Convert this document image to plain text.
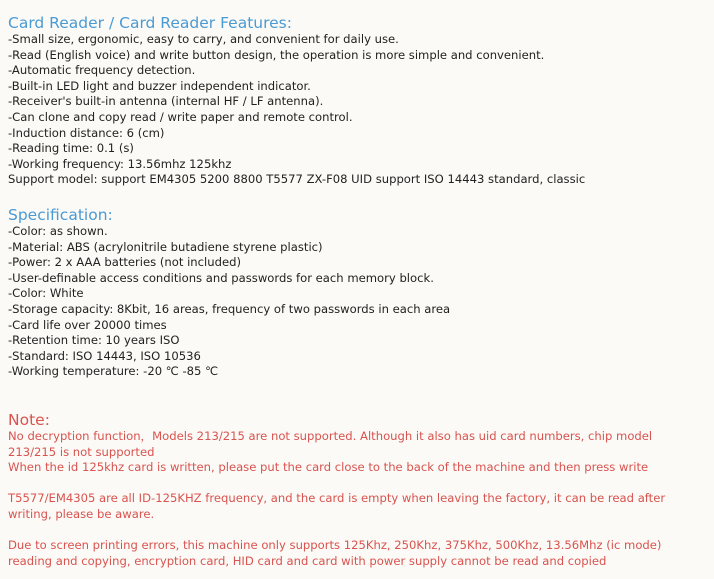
Card Reader / Card Reader Features:
-Small size, ergonomic, easy to carry, and convenient for daily use.
-Read (English voice) and write button design, the operation is more simple and convenient.
-Automatic frequency detection.
-Built-in LED light and buzzer independent indicator.
-Receiver's built-in antenna (internal HF / LF antenna).
-Can clone and copy read / write paper and remote control.
-Induction distance: 6 (cm)
-Reading time: 0.1 (s)
-Working frequency: 13.56mhz 125khz
Support model: support EM4305 5200 8800 T5577 ZX-F08 UID support ISO 14443 standard, classic
Specification:
-Color: as shown.
-Material: ABS (acrylonitrile butadiene styrene plastic)
-Power: 2 x AAA batteries (not included)
-User-definable access conditions and passwords for each memory block.
-Color: White
-Storage capacity: 8Kbit, 16 areas, frequency of two passwords in each area
-Card life over 20000 times
-Retention time: 10 years ISO
-Standard: ISO 14443, ISO 10536
-Working temperature: -20 ℃ -85 ℃
Note:
No decryption function，Models 213/215 are not supported. Although it also has uid card numbers, chip model 213/215 is not supported
When the id 125khz card is written, please put the card close to the back of the machine and then press write
T5577/EM4305 are all ID-125KHZ frequency, and the card is empty when leaving the factory, it can be read after writing, please be aware.
Due to screen printing errors, this machine only supports 125Khz, 250Khz, 375Khz, 500Khz, 13.56Mhz (ic mode) reading and copying, encryption card, HID card and card with power supply cannot be read and copied
